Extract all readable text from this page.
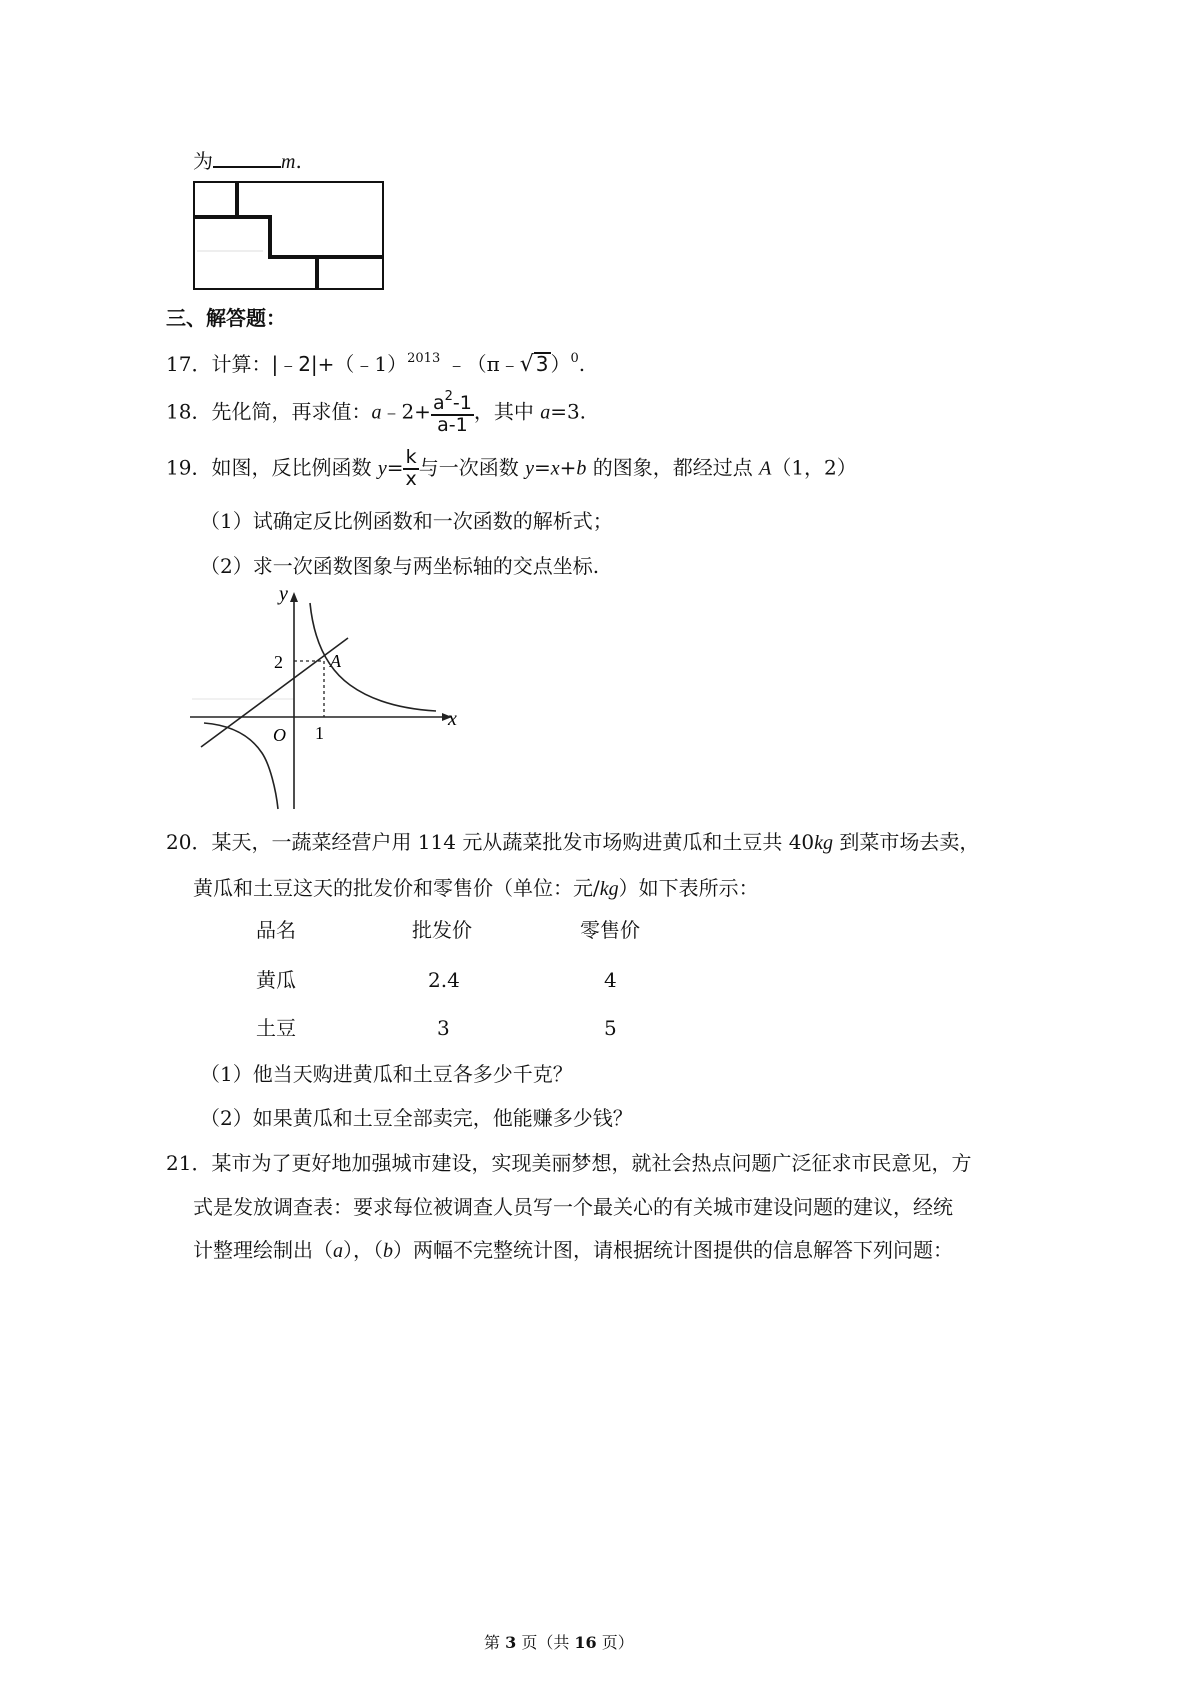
为	m.
三、解答题：
17．计算：|﹣2|+（﹣1）$^{2013}$ ﹣（π﹣√ 3 ）$^0$.
18．先化简，再求值：a﹣2+ $\frac{a^2-1}{a-1}$ ，其中 a=3.
19．如图，反比例函数 $y= \frac{k}{x}$ 与一次函数 y=x+b 的图象，都经过点 A（1，2）
（1）试确定反比例函数和一次函数的解析式；
（2）求一次函数图象与两坐标轴的交点坐标.
y
x
O 1
2	A
20．某天，一蔬菜经营户用 114 元从蔬菜批发市场购进黄瓜和土豆共 40kg 到菜市场去卖，
黄瓜和土豆这天的批发价和零售价（单位：元/kg）如下表所示：
品名	批发价	零售价
黄瓜	2.4	4
土豆	3	5
（1）他当天购进黄瓜和土豆各多少千克？
（2）如果黄瓜和土豆全部卖完，他能赚多少钱？
21．某市为了更好地加强城市建设，实现美丽梦想，就社会热点问题广泛征求市民意见，方
式是发放调查表：要求每位被调查人员写一个最关心的有关城市建设问题的建议，经统
计整理绘制出（a），（b）两幅不完整统计图，请根据统计图提供的信息解答下列问题：
第 3 页（共 16 页）
